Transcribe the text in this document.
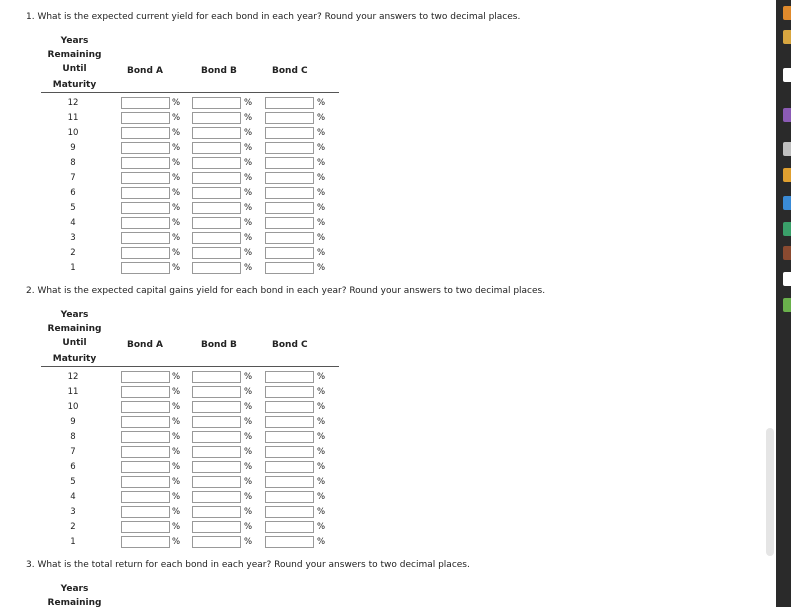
1. What is the expected current yield for each bond in each year? Round your answers to two decimal places.
Years
Remaining
Until
Maturity
Bond A	Bond B	Bond C
12	%	%	%
11	%	%	%
10	%	%	%
9	%	%	%
8	%	%	%
7	%	%	%
6	%	%	%
5	%	%	%
4	%	%	%
3	%	%	%
2	%	%	%
1	%	%	%
2. What is the expected capital gains yield for each bond in each year? Round your answers to two decimal places.
Years
Remaining
Until
Maturity
Bond A	Bond B	Bond C
12	%	%	%
11	%	%	%
10	%	%	%
9	%	%	%
8	%	%	%
7	%	%	%
6	%	%	%
5	%	%	%
4	%	%	%
3	%	%	%
2	%	%	%
1	%	%	%
3. What is the total return for each bond in each year? Round your answers to two decimal places.
Years
Remaining
